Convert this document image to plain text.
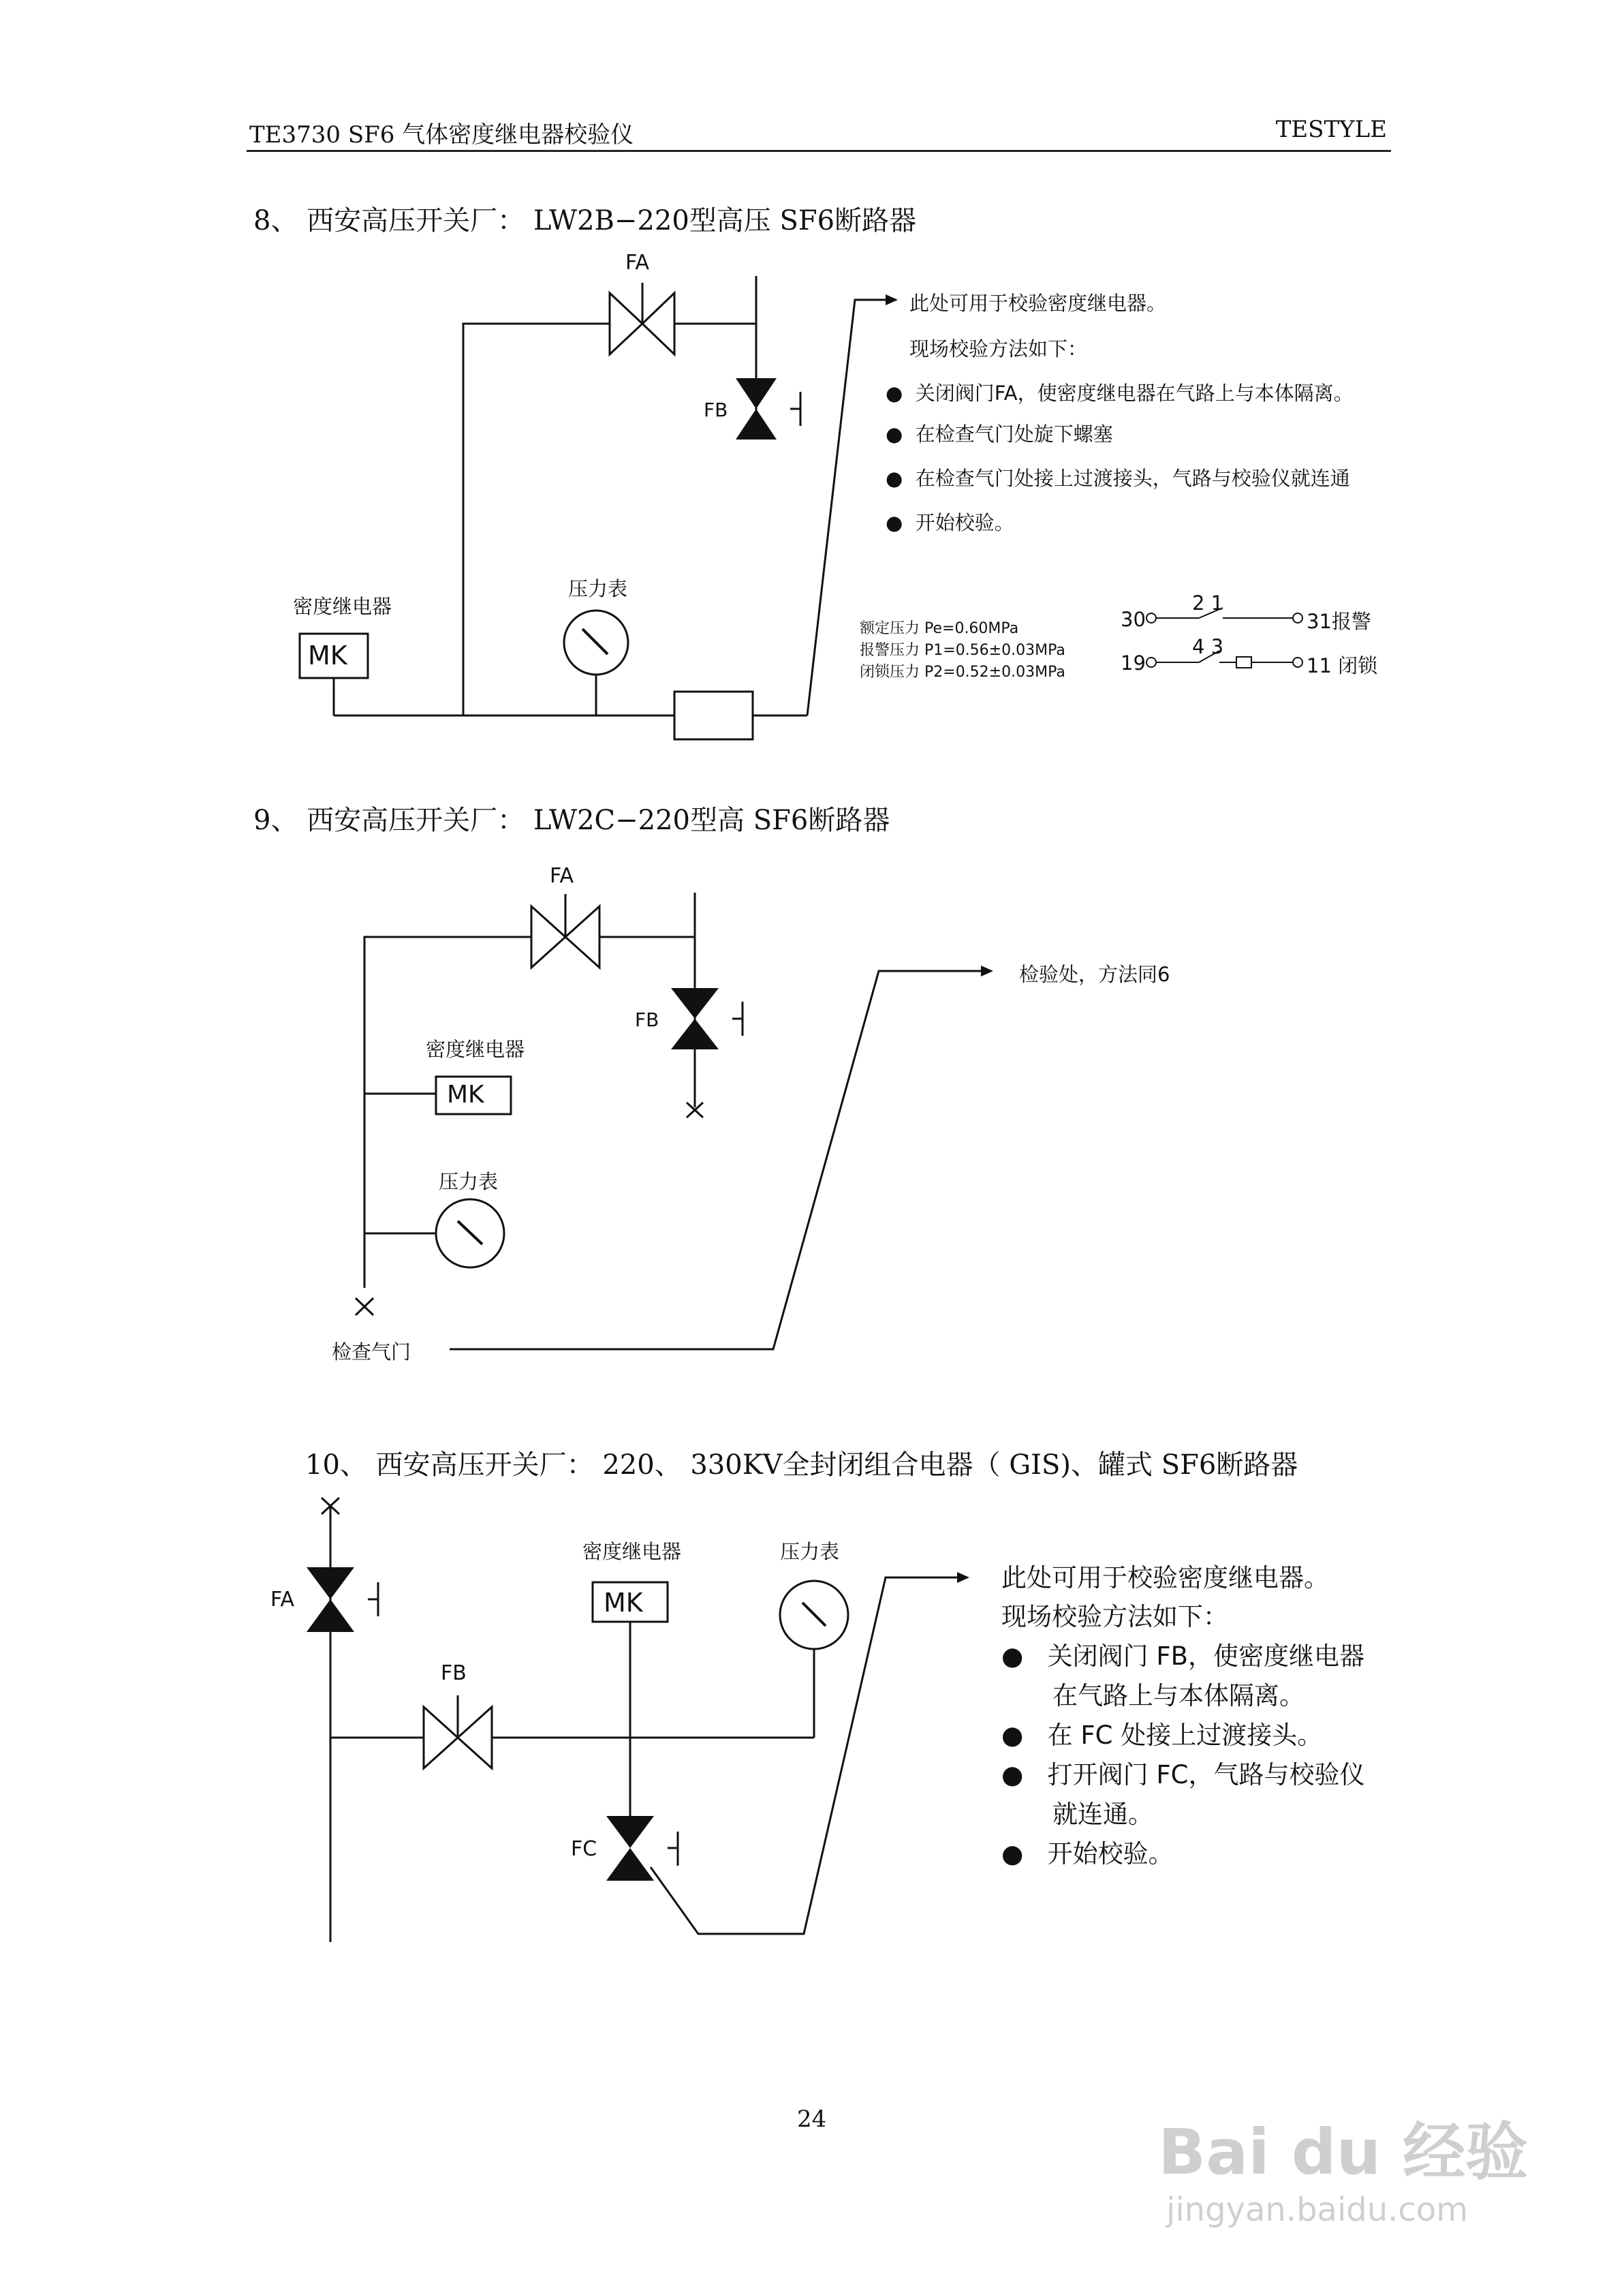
TE3730 SF6 气体密度继电器校验仪	TESTYLE
8、 西安高压开关厂： LW2B−220型高压 SF6断路器
FA
FB
密度继电器
MK
压力表
此处可用于校验密度继电器。
现场校验方法如下：
●  关闭阀门FA，使密度继电器在气路上与本体隔离。
●  在检查气门处旋下螺塞
●  在检查气门处接上过渡接头，气路与校验仪就连通
●  开始校验。
额定压力 Pe=0.60MPa
报警压力 P1=0.56±0.03MPa
闭锁压力 P2=0.52±0.03MPa
30
2 1
31报警
19
4 3
11 闭锁
9、 西安高压开关厂： LW2C−220型高 SF6断路器
FA
FB
密度继电器
MK
压力表
检查气门
检验处，方法同6
10、 西安高压开关厂： 220、 330KV全封闭组合电器（ GIS)、罐式 SF6断路器
FA
FB
FC
密度继电器
MK
压力表
此处可用于校验密度继电器。
现场校验方法如下：
●   关闭阀门 FB，使密度继电器
在气路上与本体隔离。
●   在 FC 处接上过渡接头。
●   打开阀门 FC，气路与校验仪
就连通。
●   开始校验。
24	Bai du 经验
jingyan.baidu.com
